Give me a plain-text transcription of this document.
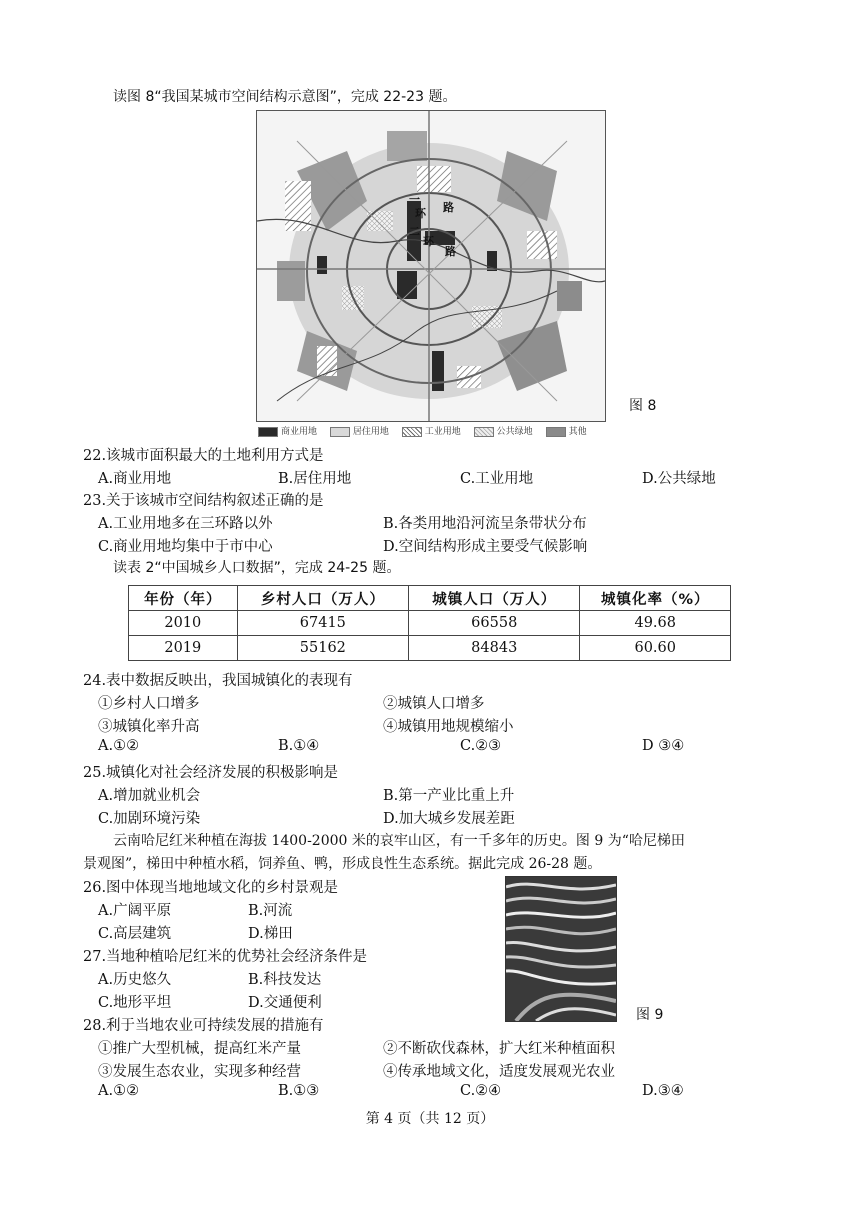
读图 8“我国某城市空间结构示意图”，完成 22-23 题。
一
环 路
二
环
路
图 8
商业用地	居住用地	工业用地	公共绿地	其他
22.该城市面积最大的土地利用方式是
A.商业用地	B.居住用地	C.工业用地	D.公共绿地
23.关于该城市空间结构叙述正确的是
A.工业用地多在三环路以外	B.各类用地沿河流呈条带状分布
C.商业用地均集中于市中心	D.空间结构形成主要受气候影响
读表 2“中国城乡人口数据”，完成 24-25 题。
年份（年）	乡村人口（万人）	城镇人口（万人）	城镇化率（%）
2010	67415	66558	49.68
2019	55162	84843	60.60
24.表中数据反映出，我国城镇化的表现有
①乡村人口增多	②城镇人口增多
③城镇化率升高	④城镇用地规模缩小
A.①②	B.①④	C.②③	D ③④
25.城镇化对社会经济发展的积极影响是
A.增加就业机会	B.第一产业比重上升
C.加剧环境污染	D.加大城乡发展差距
云南哈尼红米种植在海拔 1400-2000 米的哀牢山区，有一千多年的历史。图 9 为“哈尼梯田
景观图”，梯田中种植水稻，饲养鱼、鸭，形成良性生态系统。据此完成 26-28 题。
26.图中体现当地地域文化的乡村景观是
A.广阔平原	B.河流
C.高层建筑	D.梯田
27.当地种植哈尼红米的优势社会经济条件是
A.历史悠久	B.科技发达
C.地形平坦	D.交通便利
图 9
28.利于当地农业可持续发展的措施有
①推广大型机械，提高红米产量	②不断砍伐森林，扩大红米种植面积
③发展生态农业，实现多种经营	④传承地域文化，适度发展观光农业
A.①②	B.①③	C.②④	D.③④
第 4 页（共 12 页）
